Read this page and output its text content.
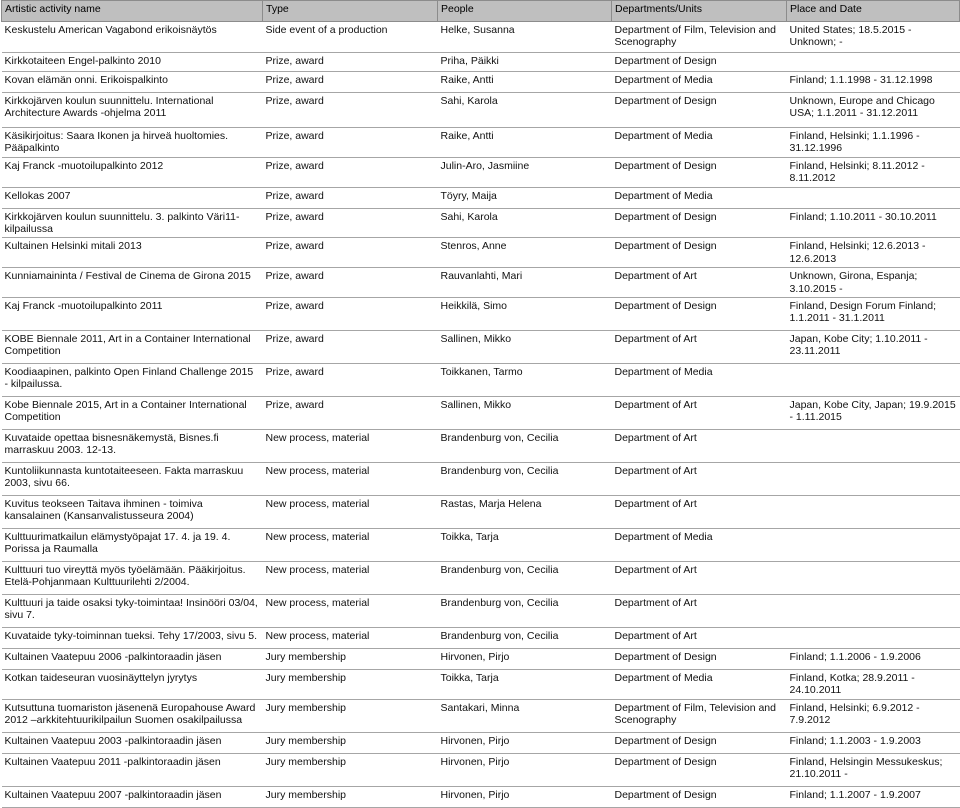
Artistic activity name	Type	People	Departments/Units	Place and Date
Keskustelu American Vagabond erikoisnäytös	Side event of a production	Helke, Susanna	Department of Film, Television and Scenography	United States; 18.5.2015 - Unknown; -
Kirkkotaiteen Engel-palkinto 2010	Prize, award	Priha, Päikki	Department of Design	
Kovan elämän onni. Erikoispalkinto	Prize, award	Raike, Antti	Department of Media	Finland; 1.1.1998 - 31.12.1998
Kirkkojärven koulun suunnittelu. International Architecture Awards -ohjelma 2011	Prize, award	Sahi, Karola	Department of Design	Unknown, Europe and Chicago USA; 1.1.2011 - 31.12.2011
Käsikirjoitus: Saara Ikonen ja hirveä huoltomies. Pääpalkinto	Prize, award	Raike, Antti	Department of Media	Finland, Helsinki; 1.1.1996 - 31.12.1996
Kaj Franck -muotoilupalkinto 2012	Prize, award	Julin-Aro, Jasmiine	Department of Design	Finland, Helsinki; 8.11.2012 - 8.11.2012
Kellokas 2007	Prize, award	Töyry, Maija	Department of Media	
Kirkkojärven koulun suunnittelu. 3. palkinto Väri11-kilpailussa	Prize, award	Sahi, Karola	Department of Design	Finland; 1.10.2011 - 30.10.2011
Kultainen Helsinki mitali 2013	Prize, award	Stenros, Anne	Department of Design	Finland, Helsinki; 12.6.2013 - 12.6.2013
Kunniamaininta / Festival de Cinema de Girona 2015	Prize, award	Rauvanlahti, Mari	Department of Art	Unknown, Girona, Espanja; 3.10.2015 -
Kaj Franck -muotoilupalkinto 2011	Prize, award	Heikkilä, Simo	Department of Design	Finland, Design Forum Finland; 1.1.2011 - 31.1.2011
KOBE Biennale 2011, Art in a Container International Competition	Prize, award	Sallinen, Mikko	Department of Art	Japan, Kobe City; 1.10.2011 - 23.11.2011
Koodiaapinen, palkinto Open Finland Challenge 2015 - kilpailussa.	Prize, award	Toikkanen, Tarmo	Department of Media	
Kobe Biennale 2015, Art in a Container International Competition	Prize, award	Sallinen, Mikko	Department of Art	Japan, Kobe City, Japan; 19.9.2015 - 1.11.2015
Kuvataide opettaa bisnesnäkemystä, Bisnes.fi marraskuu 2003. 12-13.	New process, material	Brandenburg von, Cecilia	Department of Art	
Kuntoliikunnasta kuntotaiteeseen. Fakta marraskuu 2003, sivu 66.	New process, material	Brandenburg von, Cecilia	Department of Art	
Kuvitus teokseen Taitava ihminen - toimiva kansalainen (Kansanvalistusseura 2004)	New process, material	Rastas, Marja Helena	Department of Art	
Kulttuurimatkailun elämystyöpajat 17. 4. ja 19. 4. Porissa ja Raumalla	New process, material	Toikka, Tarja	Department of Media	
Kulttuuri tuo vireyttä myös työelämään. Pääkirjoitus. Etelä-Pohjanmaan Kulttuurilehti 2/2004.	New process, material	Brandenburg von, Cecilia	Department of Art	
Kulttuuri ja taide osaksi tyky-toimintaa! Insinööri 03/04, sivu 7.	New process, material	Brandenburg von, Cecilia	Department of Art	
Kuvataide tyky-toiminnan tueksi. Tehy 17/2003, sivu 5.	New process, material	Brandenburg von, Cecilia	Department of Art	
Kultainen Vaatepuu 2006 -palkintoraadin jäsen	Jury membership	Hirvonen, Pirjo	Department of Design	Finland; 1.1.2006 - 1.9.2006
Kotkan taideseuran vuosinäyttelyn jyrytys	Jury membership	Toikka, Tarja	Department of Media	Finland, Kotka; 28.9.2011 - 24.10.2011
Kutsuttuna tuomariston jäsenenä Europahouse Award 2012 –arkkitehtuurikilpailun Suomen osakilpailussa	Jury membership	Santakari, Minna	Department of Film, Television and Scenography	Finland, Helsinki; 6.9.2012 - 7.9.2012
Kultainen Vaatepuu 2003 -palkintoraadin jäsen	Jury membership	Hirvonen, Pirjo	Department of Design	Finland; 1.1.2003 - 1.9.2003
Kultainen Vaatepuu 2011 -palkintoraadin jäsen	Jury membership	Hirvonen, Pirjo	Department of Design	Finland, Helsingin Messukeskus; 21.10.2011 -
Kultainen Vaatepuu 2007 -palkintoraadin jäsen	Jury membership	Hirvonen, Pirjo	Department of Design	Finland; 1.1.2007 - 1.9.2007
